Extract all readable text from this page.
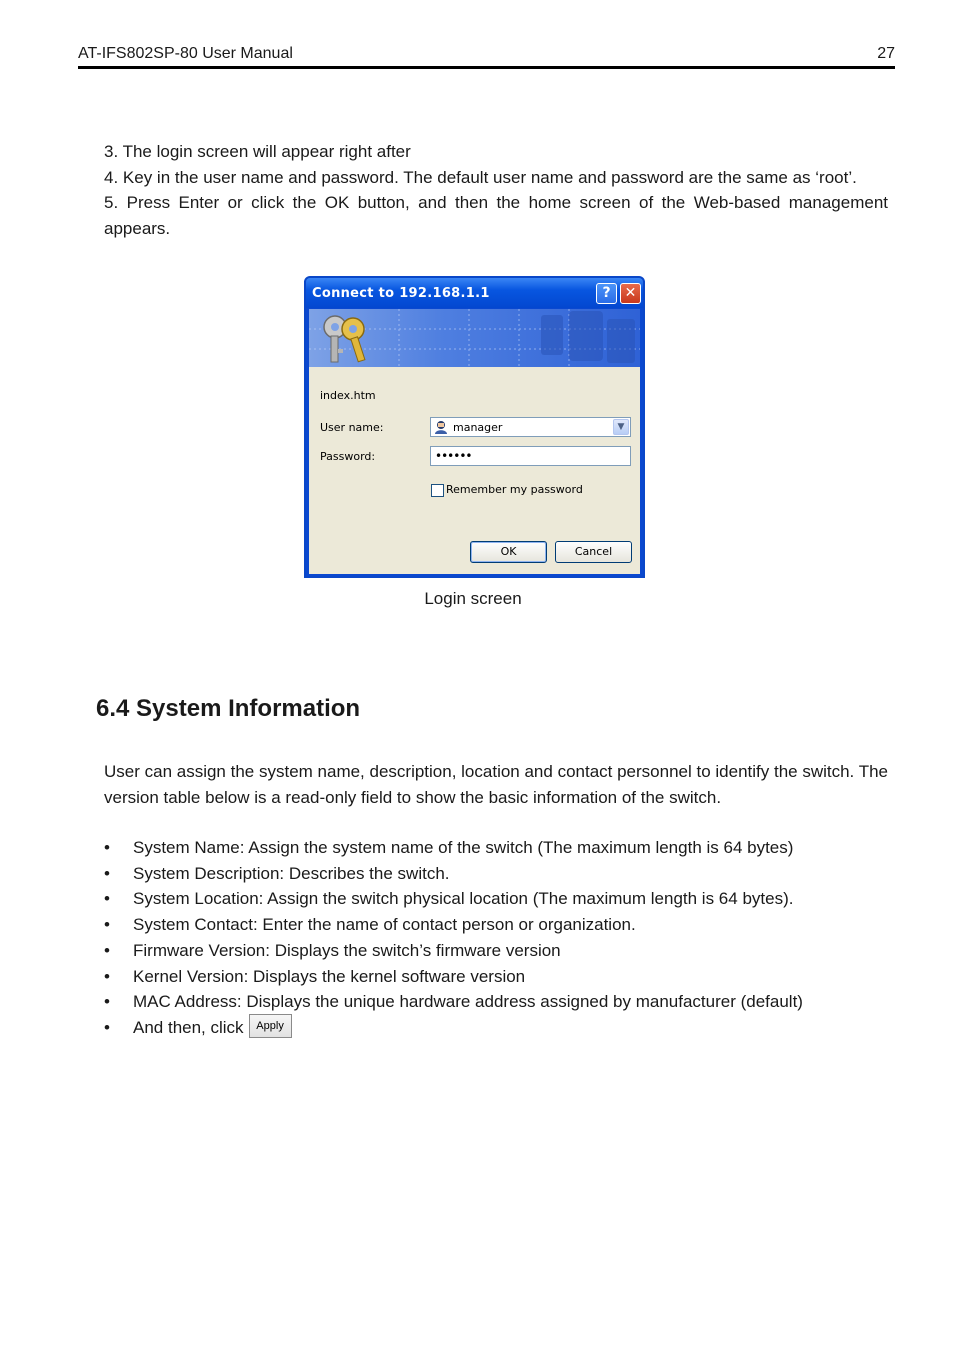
AT-IFS802SP-80 User Manual	27

3. The login screen will appear right after

4. Key in the user name and password. The default user name and password are the same as ‘root’.

5. Press Enter or click the OK button, and then the home screen of the Web-based management appears.

Connect to 192.168.1.1	?	✕
index.htm
User name:	manager	▼
Password:	••••••
Remember my password
OK	Cancel
Login screen
6.4 System Information

User can assign the system name, description, location and contact personnel to identify the switch. The version table below is a read-only field to show the basic information of the switch.

• System Name: Assign the system name of the switch (The maximum length is 64 bytes)
• System Description: Describes the switch.
• System Location: Assign the switch physical location (The maximum length is 64 bytes).
• System Contact: Enter the name of contact person or organization.
• Firmware Version: Displays the switch’s firmware version
• Kernel Version: Displays the kernel software version
• MAC Address: Displays the unique hardware address assigned by manufacturer (default)
• And then, click Apply
